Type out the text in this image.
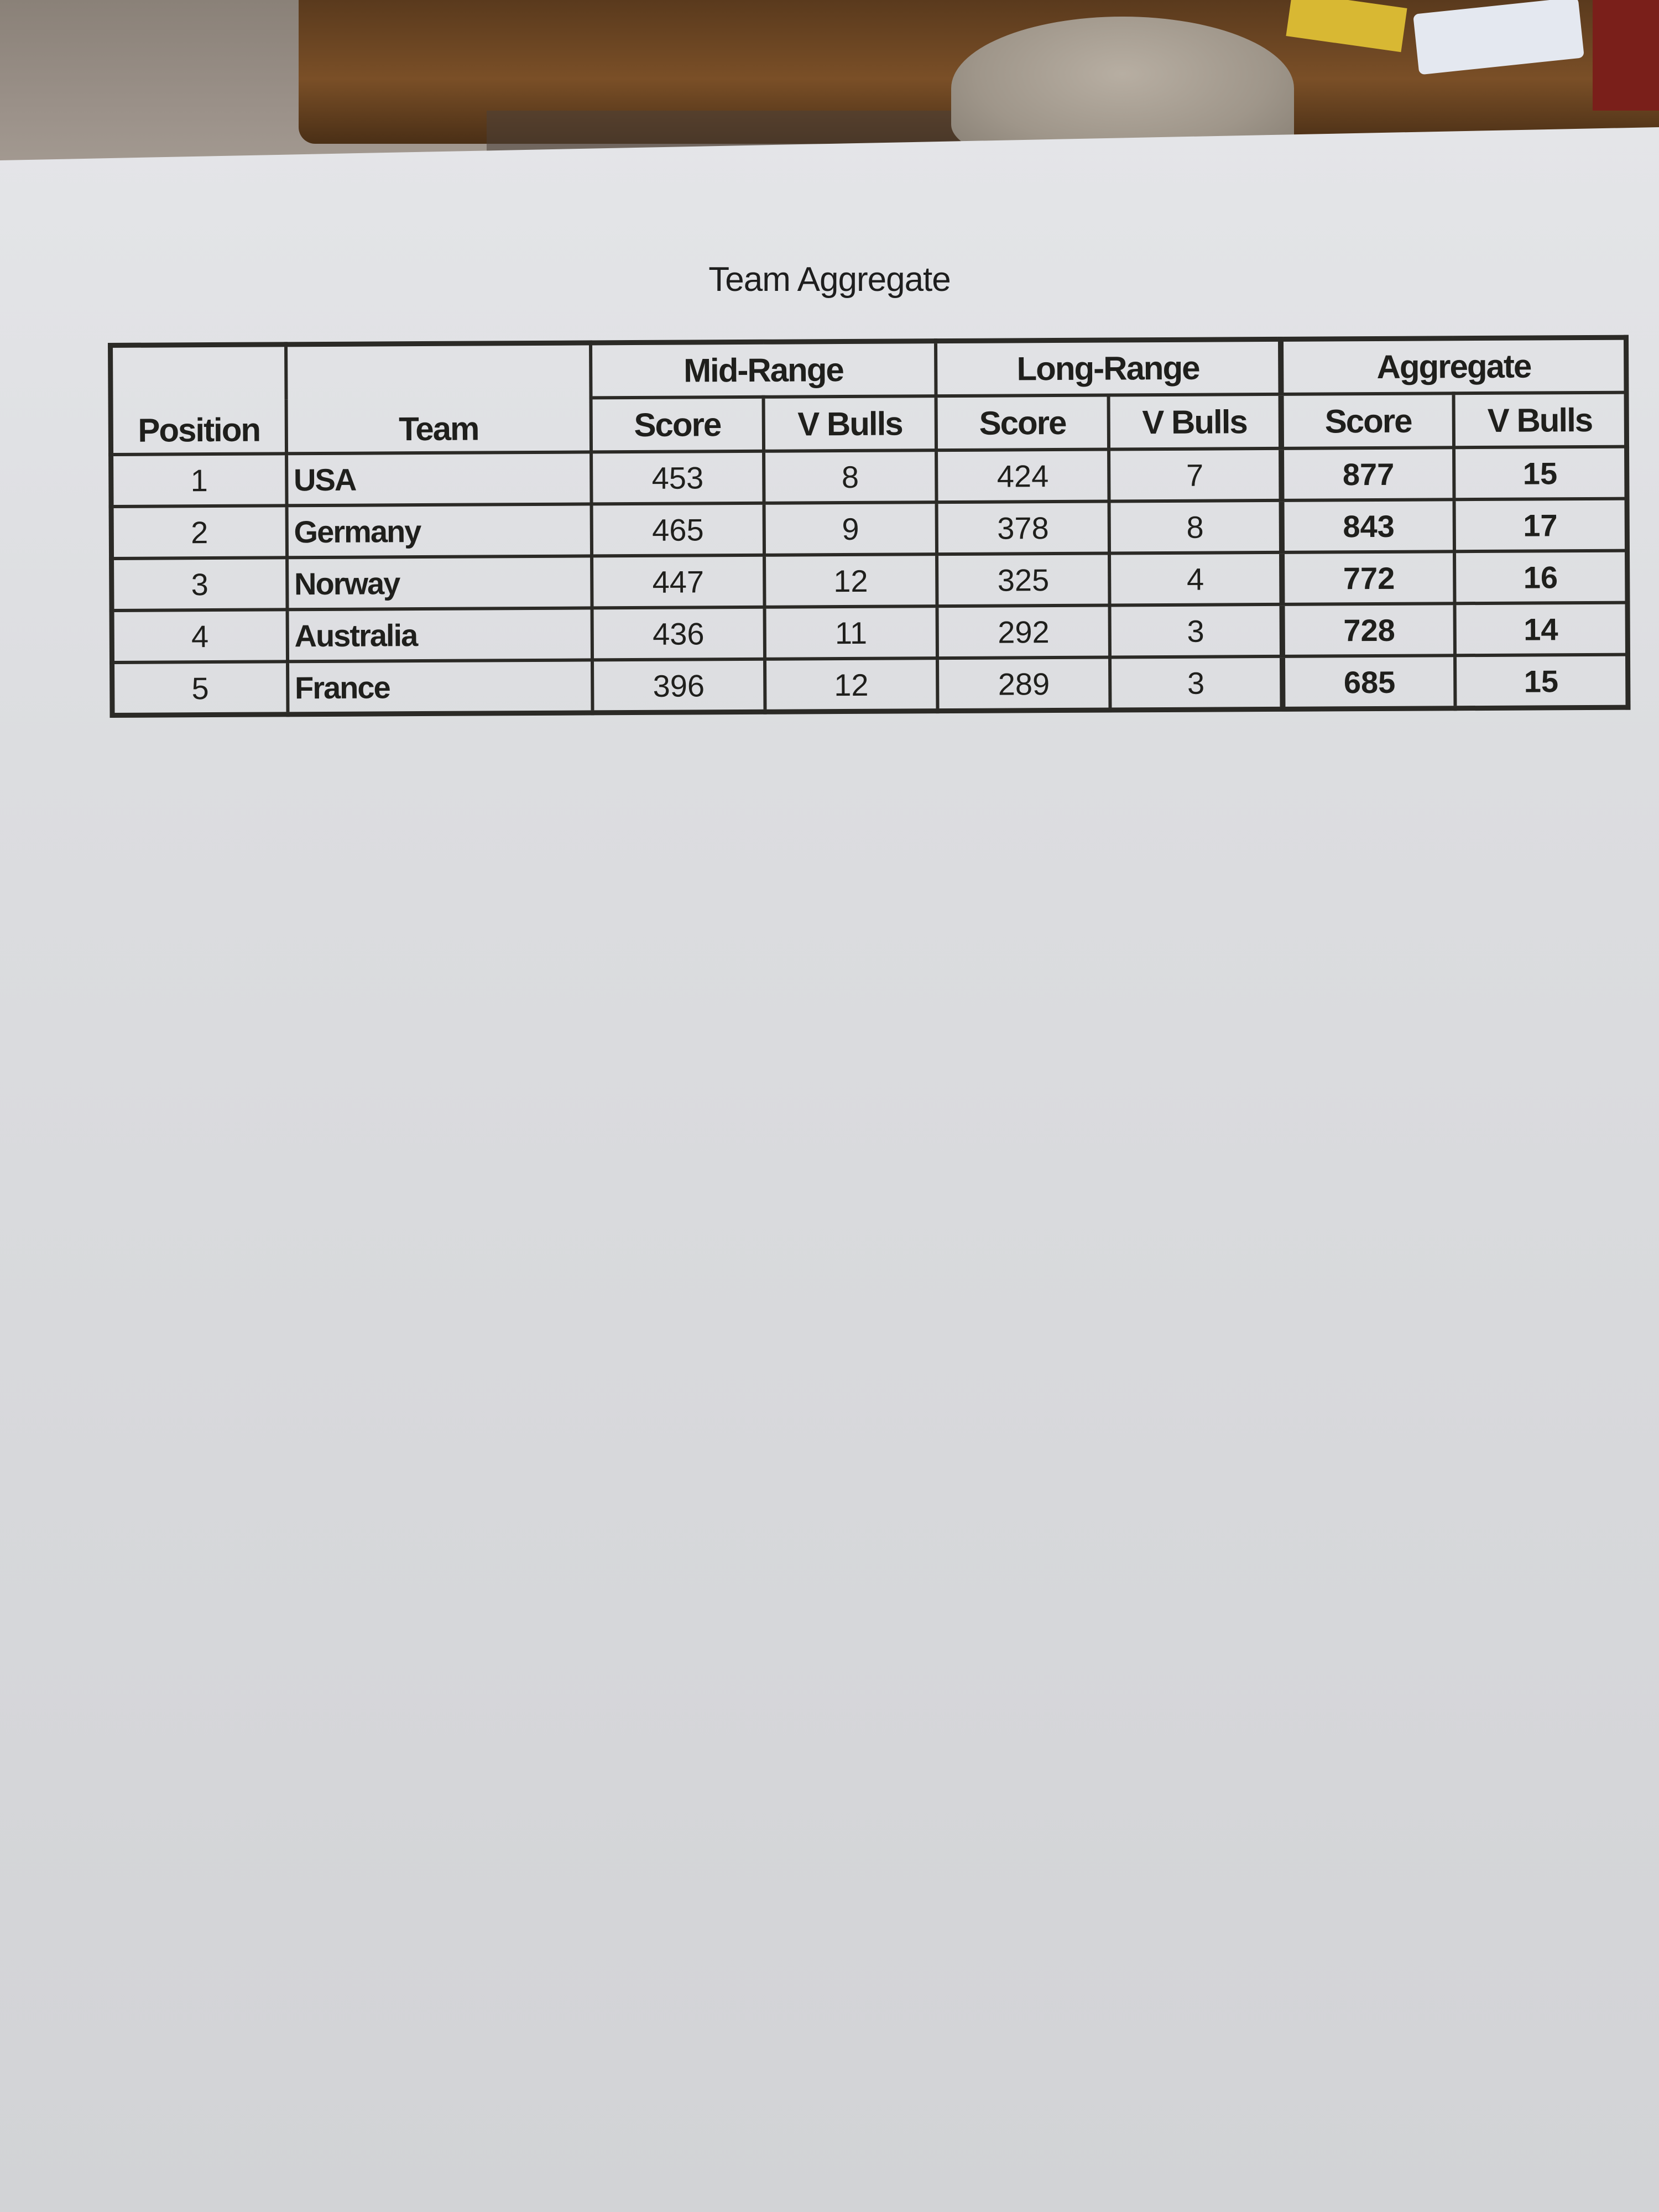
Team Aggregate
Position	Team	Mid-Range		Long-Range		Aggregate	
		Score	V Bulls	Score	V Bulls	Score	V Bulls
1	USA	453	8	424	7	877	15
2	Germany	465	9	378	8	843	17
3	Norway	447	12	325	4	772	16
4	Australia	436	11	292	3	728	14
5	France	396	12	289	3	685	15
